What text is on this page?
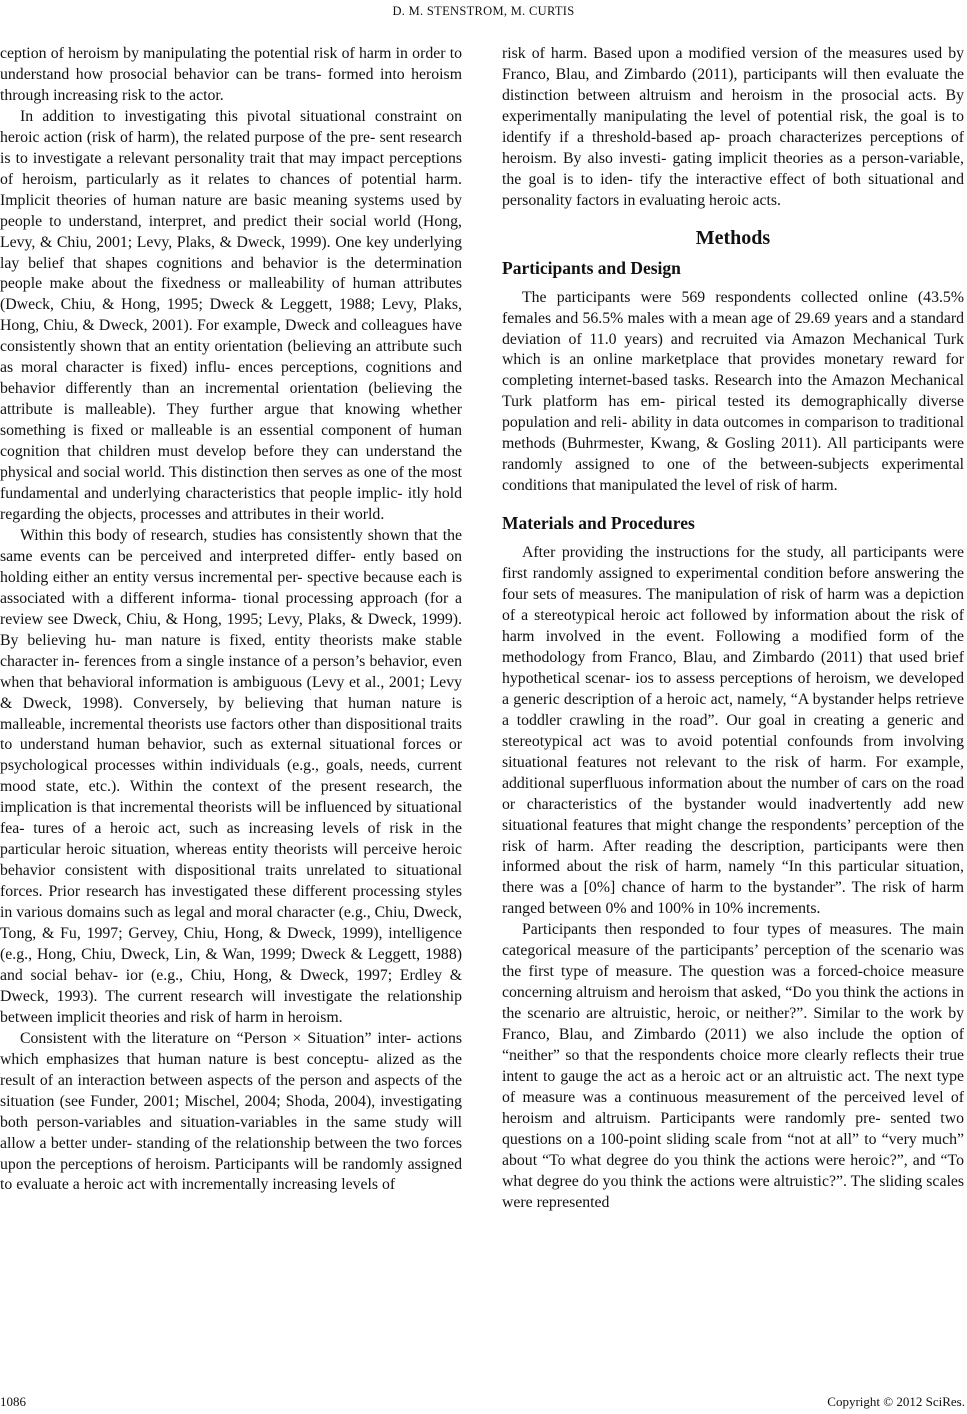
D. M. STENSTROM, M. CURTIS

ception of heroism by manipulating the potential risk of harm in order to understand how prosocial behavior can be trans- formed into heroism through increasing risk to the actor.

In addition to investigating this pivotal situational constraint on heroic action (risk of harm), the related purpose of the pre- sent research is to investigate a relevant personality trait that may impact perceptions of heroism, particularly as it relates to chances of potential harm. Implicit theories of human nature are basic meaning systems used by people to understand, interpret, and predict their social world (Hong, Levy, & Chiu, 2001; Levy, Plaks, & Dweck, 1999). One key underlying lay belief that shapes cognitions and behavior is the determination people make about the fixedness or malleability of human attributes (Dweck, Chiu, & Hong, 1995; Dweck & Leggett, 1988; Levy, Plaks, Hong, Chiu, & Dweck, 2001). For example, Dweck and colleagues have consistently shown that an entity orientation (believing an attribute such as moral character is fixed) influ- ences perceptions, cognitions and behavior differently than an incremental orientation (believing the attribute is malleable). They further argue that knowing whether something is fixed or malleable is an essential component of human cognition that children must develop before they can understand the physical and social world. This distinction then serves as one of the most fundamental and underlying characteristics that people implic- itly hold regarding the objects, processes and attributes in their world.

Within this body of research, studies has consistently shown that the same events can be perceived and interpreted differ- ently based on holding either an entity versus incremental per- spective because each is associated with a different informa- tional processing approach (for a review see Dweck, Chiu, & Hong, 1995; Levy, Plaks, & Dweck, 1999). By believing hu- man nature is fixed, entity theorists make stable character in- ferences from a single instance of a person’s behavior, even when that behavioral information is ambiguous (Levy et al., 2001; Levy & Dweck, 1998). Conversely, by believing that human nature is malleable, incremental theorists use factors other than dispositional traits to understand human behavior, such as external situational forces or psychological processes within individuals (e.g., goals, needs, current mood state, etc.). Within the context of the present research, the implication is that incremental theorists will be influenced by situational fea- tures of a heroic act, such as increasing levels of risk in the particular heroic situation, whereas entity theorists will perceive heroic behavior consistent with dispositional traits unrelated to situational forces. Prior research has investigated these different processing styles in various domains such as legal and moral character (e.g., Chiu, Dweck, Tong, & Fu, 1997; Gervey, Chiu, Hong, & Dweck, 1999), intelligence (e.g., Hong, Chiu, Dweck, Lin, & Wan, 1999; Dweck & Leggett, 1988) and social behav- ior (e.g., Chiu, Hong, & Dweck, 1997; Erdley & Dweck, 1993). The current research will investigate the relationship between implicit theories and risk of harm in heroism.

Consistent with the literature on “Person × Situation” inter- actions which emphasizes that human nature is best conceptu- alized as the result of an interaction between aspects of the person and aspects of the situation (see Funder, 2001; Mischel, 2004; Shoda, 2004), investigating both person-variables and situation-variables in the same study will allow a better under- standing of the relationship between the two forces upon the perceptions of heroism. Participants will be randomly assigned to evaluate a heroic act with incrementally increasing levels of

risk of harm. Based upon a modified version of the measures used by Franco, Blau, and Zimbardo (2011), participants will then evaluate the distinction between altruism and heroism in the prosocial acts. By experimentally manipulating the level of potential risk, the goal is to identify if a threshold-based ap- proach characterizes perceptions of heroism. By also investi- gating implicit theories as a person-variable, the goal is to iden- tify the interactive effect of both situational and personality factors in evaluating heroic acts.

Methods
Participants and Design

The participants were 569 respondents collected online (43.5% females and 56.5% males with a mean age of 29.69 years and a standard deviation of 11.0 years) and recruited via Amazon Mechanical Turk which is an online marketplace that provides monetary reward for completing internet-based tasks. Research into the Amazon Mechanical Turk platform has em- pirical tested its demographically diverse population and reli- ability in data outcomes in comparison to traditional methods (Buhrmester, Kwang, & Gosling 2011). All participants were randomly assigned to one of the between-subjects experimental conditions that manipulated the level of risk of harm.

Materials and Procedures

After providing the instructions for the study, all participants were first randomly assigned to experimental condition before answering the four sets of measures. The manipulation of risk of harm was a depiction of a stereotypical heroic act followed by information about the risk of harm involved in the event. Following a modified form of the methodology from Franco, Blau, and Zimbardo (2011) that used brief hypothetical scenar- ios to assess perceptions of heroism, we developed a generic description of a heroic act, namely, “A bystander helps retrieve a toddler crawling in the road”. Our goal in creating a generic and stereotypical act was to avoid potential confounds from involving situational features not relevant to the risk of harm. For example, additional superfluous information about the number of cars on the road or characteristics of the bystander would inadvertently add new situational features that might change the respondents’ perception of the risk of harm. After reading the description, participants were then informed about the risk of harm, namely “In this particular situation, there was a [0%] chance of harm to the bystander”. The risk of harm ranged between 0% and 100% in 10% increments.

Participants then responded to four types of measures. The main categorical measure of the participants’ perception of the scenario was the first type of measure. The question was a forced-choice measure concerning altruism and heroism that asked, “Do you think the actions in the scenario are altruistic, heroic, or neither?”. Similar to the work by Franco, Blau, and Zimbardo (2011) we also include the option of “neither” so that the respondents choice more clearly reflects their true intent to gauge the act as a heroic act or an altruistic act. The next type of measure was a continuous measurement of the perceived level of heroism and altruism. Participants were randomly pre- sented two questions on a 100-point sliding scale from “not at all” to “very much” about “To what degree do you think the actions were heroic?”, and “To what degree do you think the actions were altruistic?”. The sliding scales were represented

1086	Copyright © 2012 SciRes.
